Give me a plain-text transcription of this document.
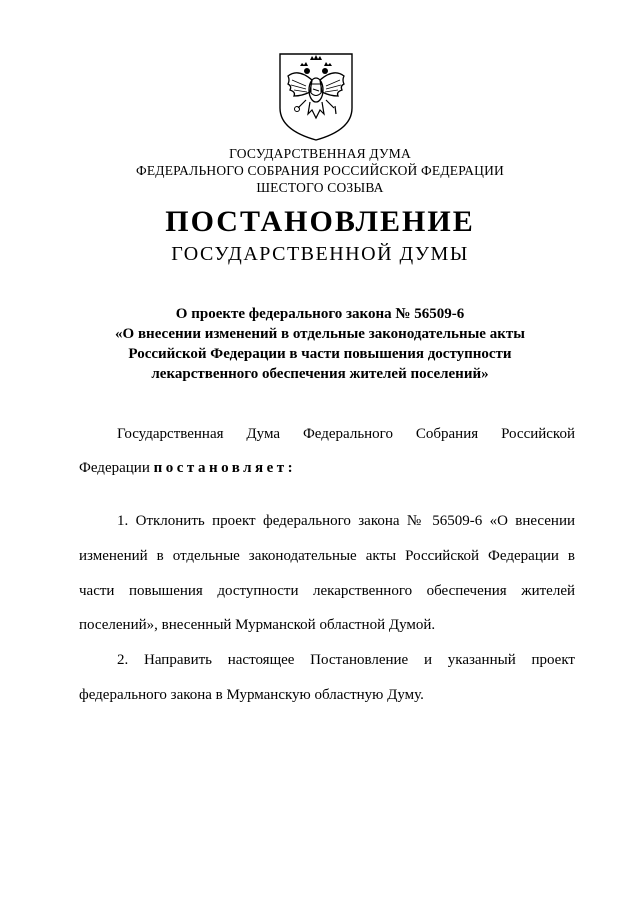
ГОСУДАРСТВЕННАЯ ДУМА
ФЕДЕРАЛЬНОГО СОБРАНИЯ РОССИЙСКОЙ ФЕДЕРАЦИИ
ШЕСТОГО СОЗЫВА
ПОСТАНОВЛЕНИЕ
ГОСУДАРСТВЕННОЙ ДУМЫ
О проекте федерального закона № 56509-6
«О внесении изменений в отдельные законодательные акты
Российской Федерации в части повышения доступности
лекарственного обеспечения жителей поселений»
Государственная Дума Федерального Собрания Российской
Федерации постановляет:
1. Отклонить проект федерального закона № 56509-6 «О внесении
изменений в отдельные законодательные акты Российской Федерации в
части повышения доступности лекарственного обеспечения жителей
поселений», внесенный Мурманской областной Думой.
2. Направить настоящее Постановление и указанный проект
федерального закона в Мурманскую областную Думу.
